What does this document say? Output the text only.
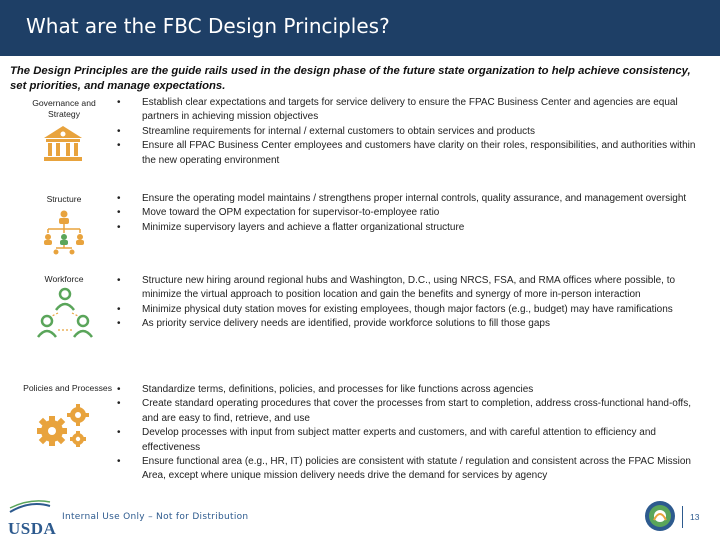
What are the FBC Design Principles?
The Design Principles are the guide rails used in the design phase of the future state organization to help achieve consistency, set priorities, and manage expectations.
Governance and Strategy
• Establish clear expectations and targets for service delivery to ensure the FPAC Business Center and agencies are equal partners in achieving mission objectives
• Streamline requirements for internal / external customers to obtain services and products
• Ensure all FPAC Business Center employees and customers have clarity on their roles, responsibilities, and authorities within the new operating environment
Structure	• Ensure the operating model maintains / strengthens proper internal controls, quality assurance, and management oversight
• Move toward the OPM expectation for supervisor-to-employee ratio
• Minimize supervisory layers and achieve a flatter organizational structure
Workforce	• Structure new hiring around regional hubs and Washington, D.C., using NRCS, FSA, and RMA offices where possible, to minimize the virtual approach to position location and gain the benefits and synergy of more in-person interaction
• Minimize physical duty station moves for existing employees, though major factors (e.g., budget) may have ramifications
• As priority service delivery needs are identified, provide workforce solutions to fill those gaps
Policies and Processes • Standardize terms, definitions, policies, and processes for like functions across agencies
• Create standard operating procedures that cover the processes from start to completion, address cross-functional hand-offs, and are easy to find, retrieve, and use
• Develop processes with input from subject matter experts and customers, and with careful attention to efficiency and effectiveness
• Ensure functional area (e.g., HR, IT) policies are consistent with statute / regulation and consistent across the FPAC Mission Area, except where unique mission delivery needs drive the demand for services by agency
USDA
Internal Use Only – Not for Distribution	13
